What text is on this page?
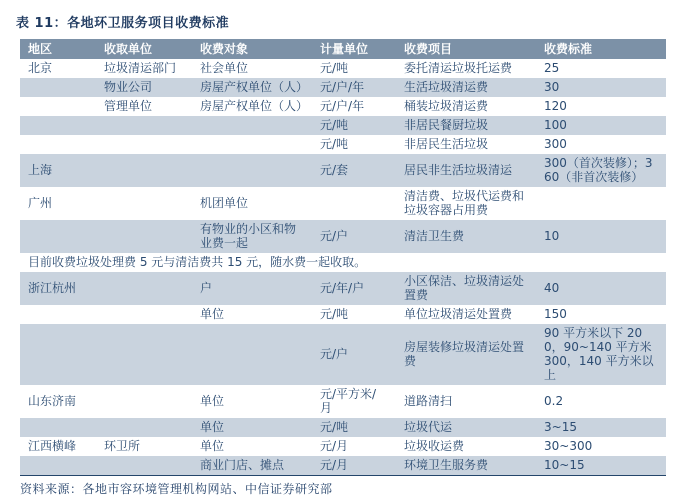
表 11：各地环卫服务项目收费标准
地区	收取单位	收费对象	计量单位	收费项目	收费标准
北京	垃圾清运部门	社会单位	元/吨	委托清运垃圾托运费	25
	物业公司	房屋产权单位（人）	元/户/年	生活垃圾清运费	30
	管理单位	房屋产权单位（人）	元/户/年	桶装垃圾清运费	120
			元/吨	非居民餐厨垃圾	100
			元/吨	非居民生活垃圾	300
上海			元/套	居民非生活垃圾清运	300（首次装修）；360（非首次装修）
广州		机团单位		清洁费、垃圾代运费和垃圾容器占用费	
		有物业的小区和物业费一起	元/户	清洁卫生费	10
目前收费垃圾处理费 5 元与清洁费共 15 元，随水费一起收取。					
浙江杭州		户	元/年/户	小区保洁、垃圾清运处置费	40
		单位	元/吨	单位垃圾清运处置费	150
			元/户	房屋装修垃圾清运处置费	90 平方米以下 200，90~140 平方米 300，140 平方米以上
山东济南		单位	元/平方米/月	道路清扫	0.2
		单位	元/吨	垃圾代运	3~15
江西横峰	环卫所	单位	元/月	垃圾收运费	30~300
		商业门店、摊点	元/月	环境卫生服务费	10~15
资料来源：各地市容环境管理机构网站、中信证券研究部
